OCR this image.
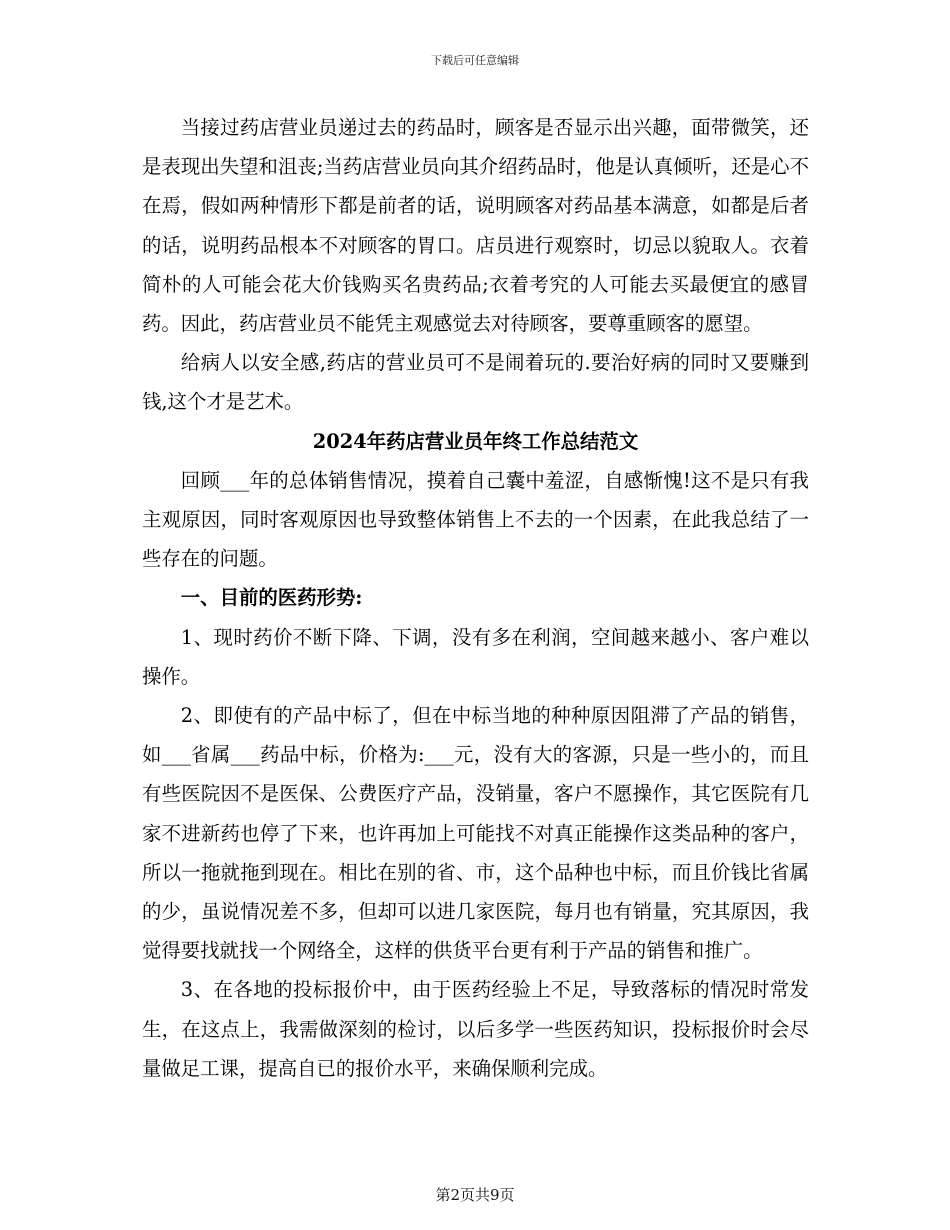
下载后可任意编辑

当接过药店营业员递过去的药品时，顾客是否显示出兴趣，面带微笑，还是表现出失望和沮丧;当药店营业员向其介绍药品时，他是认真倾听，还是心不在焉，假如两种情形下都是前者的话，说明顾客对药品基本满意，如都是后者的话，说明药品根本不对顾客的胃口。店员进行观察时，切忌以貌取人。衣着简朴的人可能会花大价钱购买名贵药品;衣着考究的人可能去买最便宜的感冒药。因此，药店营业员不能凭主观感觉去对待顾客，要尊重顾客的愿望。

给病人以安全感,药店的营业员可不是闹着玩的.要治好病的同时又要赚到钱,这个才是艺术。

2024年药店营业员年终工作总结范文

回顾___年的总体销售情况，摸着自己囊中羞涩，自感惭愧!这不是只有我主观原因，同时客观原因也导致整体销售上不去的一个因素，在此我总结了一些存在的问题。

一、目前的医药形势:

1、现时药价不断下降、下调，没有多在利润，空间越来越小、客户难以操作。

2、即使有的产品中标了，但在中标当地的种种原因阻滞了产品的销售，如___省属___药品中标，价格为:___元，没有大的客源，只是一些小的，而且有些医院因不是医保、公费医疗产品，没销量，客户不愿操作，其它医院有几家不进新药也停了下来，也许再加上可能找不对真正能操作这类品种的客户，所以一拖就拖到现在。相比在别的省、市，这个品种也中标，而且价钱比省属的少，虽说情况差不多，但却可以进几家医院，每月也有销量，究其原因，我觉得要找就找一个网络全，这样的供货平台更有利于产品的销售和推广。

3、在各地的投标报价中，由于医药经验上不足，导致落标的情况时常发生，在这点上，我需做深刻的检讨，以后多学一些医药知识，投标报价时会尽量做足工课，提高自已的报价水平，来确保顺利完成。

第2页共9页
